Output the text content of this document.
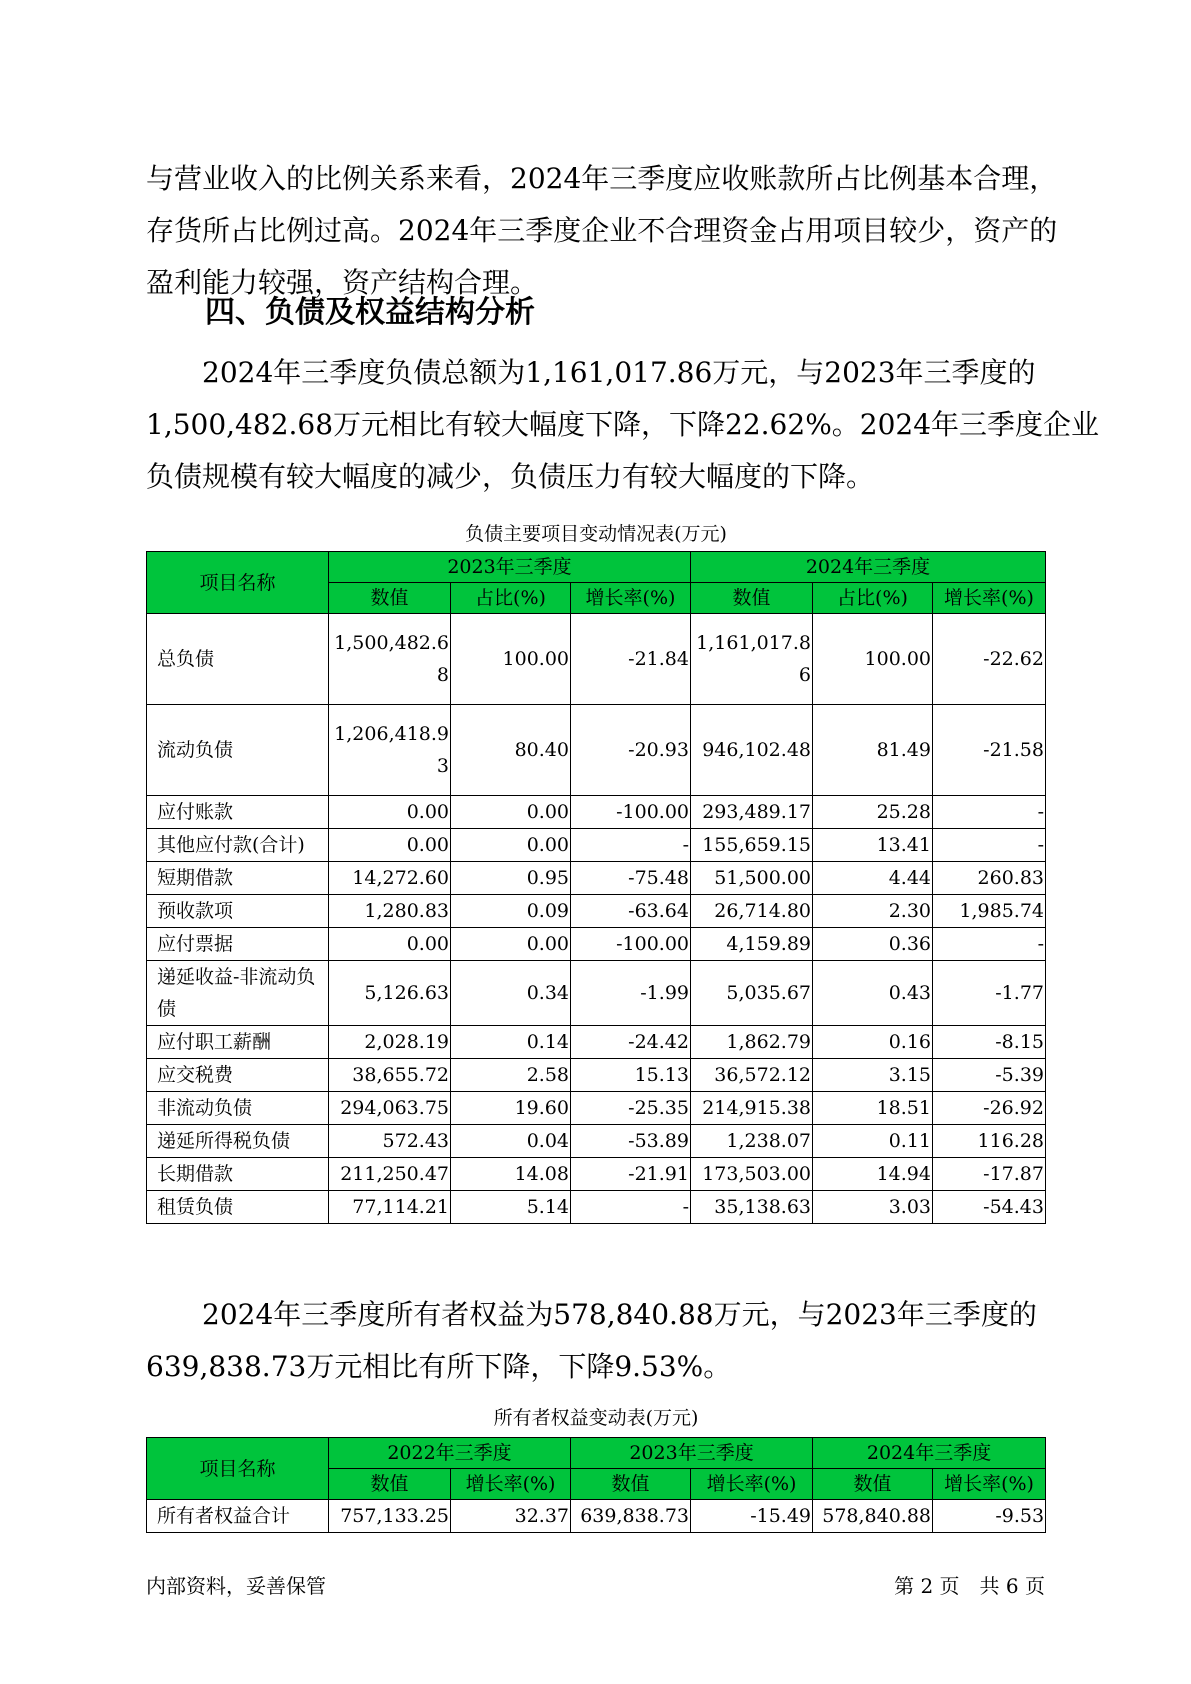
与营业收入的比例关系来看，2024年三季度应收账款所占比例基本合理，
存货所占比例过高。2024年三季度企业不合理资金占用项目较少，资产的
盈利能力较强，资产结构合理。
四、负债及权益结构分析
　　2024年三季度负债总额为1,161,017.86万元，与2023年三季度的
1,500,482.68万元相比有较大幅度下降，下降22.62%。2024年三季度企业
负债规模有较大幅度的减少，负债压力有较大幅度的下降。

负债主要项目变动情况表(万元)

项目名称	2023年三季度			2024年三季度		
	数值	占比(%)	增长率(%)	数值	占比(%)	增长率(%)
总负债	1,500,482.68	100.00	-21.84	1,161,017.86	100.00	-22.62
流动负债	1,206,418.93	80.40	-20.93	946,102.48	81.49	-21.58
应付账款	0.00	0.00	-100.00	293,489.17	25.28	-
其他应付款(合计)	0.00	0.00	-	155,659.15	13.41	-
短期借款	14,272.60	0.95	-75.48	51,500.00	4.44	260.83
预收款项	1,280.83	0.09	-63.64	26,714.80	2.30	1,985.74
应付票据	0.00	0.00	-100.00	4,159.89	0.36	-
递延收益-非流动负债	5,126.63	0.34	-1.99	5,035.67	0.43	-1.77
应付职工薪酬	2,028.19	0.14	-24.42	1,862.79	0.16	-8.15
应交税费	38,655.72	2.58	15.13	36,572.12	3.15	-5.39
非流动负债	294,063.75	19.60	-25.35	214,915.38	18.51	-26.92
递延所得税负债	572.43	0.04	-53.89	1,238.07	0.11	116.28
长期借款	211,250.47	14.08	-21.91	173,503.00	14.94	-17.87
租赁负债	77,114.21	5.14	-	35,138.63	3.03	-54.43
　　2024年三季度所有者权益为578,840.88万元，与2023年三季度的
639,838.73万元相比有所下降，下降9.53%。

所有者权益变动表(万元)

项目名称	2022年三季度		2023年三季度		2024年三季度	
	数值	增长率(%)	数值	增长率(%)	数值	增长率(%)
所有者权益合计	757,133.25	32.37	639,838.73	-15.49	578,840.88	-9.53

内部资料，妥善保管	第 2 页　共 6 页
